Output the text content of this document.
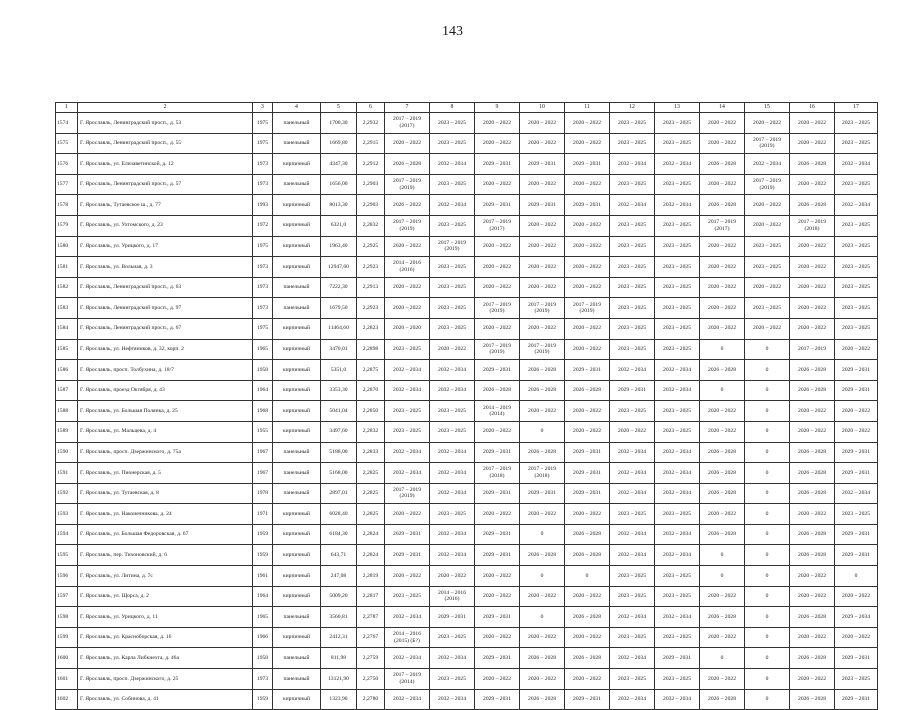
143
1	2	3	4	5	6	7	8	9	10	11	12	13	14	15	16	17
1574	Г. Ярославль, Ленинградский просп., д. 53	1975	панельный	1700,30	2,2932	2017 – 2019 (2017)	2023 – 2025	2020 – 2022	2020 – 2022	2020 – 2022	2023 – 2025	2023 – 2025	2020 – 2022	2020 – 2022	2020 – 2022	2023 – 2025
1575	Г. Ярославль, Ленинградский просп., д. 55	1975	панельный	1669,80	2,2915	2020 – 2022	2023 – 2025	2020 – 2022	2020 – 2022	2020 – 2022	2023 – 2025	2023 – 2025	2020 – 2022	2017 – 2019 (2019)	2020 – 2022	2023 – 2025
1576	Г. Ярославль, ул. Елизаветинской, д. 12	1973	кирпичный	4347,30	2,2912	2026 – 2028	2032 – 2034	2029 – 2031	2029 – 2031	2029 – 2031	2032 – 2034	2032 – 2034	2026 – 2028	2032 – 2034	2026 – 2028	2032 – 2034
1577	Г. Ярославль, Ленинградский просп., д. 57	1973	панельный	1656,00	2,2903	2017 – 2019 (2019)	2023 – 2025	2020 – 2022	2020 – 2022	2020 – 2022	2023 – 2025	2023 – 2025	2020 – 2022	2017 – 2019 (2019)	2020 – 2022	2023 – 2025
1578	Г. Ярославль, Тутаевское ш., д. 77	1993	кирпичный	8013,30	2,2903	2026 – 2022	2032 – 2034	2029 – 2031	2029 – 2031	2029 – 2031	2032 – 2034	2032 – 2034	2026 – 2028	2020 – 2022	2026 – 2028	2032 – 2034
1579	Г. Ярославль, ул. Ухтомского, д. 23	1972	кирпичный	6321,0	2,2832	2017 – 2019 (2019)	2023 – 2025	2017 – 2019 (2017)	2020 – 2022	2020 – 2022	2023 – 2025	2023 – 2025	2017 – 2019 (2017)	2020 – 2022	2017 – 2019 (2018)	2023 – 2025
1580	Г. Ярославль, ул. Урицкого, д. 17	1975	кирпичный	1963,40	2,2925	2020 – 2022	2017 – 2019 (2019)	2020 – 2022	2020 – 2022	2020 – 2022	2023 – 2025	2023 – 2025	2020 – 2022	2023 – 2025	2020 – 2022	2023 – 2025
1581	Г. Ярославль, ул. Вольная, д. 3	1973	кирпичный	12947,60	2,2923	2014 – 2016 (2016)	2023 – 2025	2020 – 2022	2020 – 2022	2020 – 2022	2023 – 2025	2023 – 2025	2020 – 2022	2023 – 2025	2020 – 2022	2023 – 2025
1582	Г. Ярославль, Ленинградский просп., д. 63	1973	панельный	7222,30	2,2913	2020 – 2022	2023 – 2025	2020 – 2022	2020 – 2022	2020 – 2022	2023 – 2025	2023 – 2025	2020 – 2022	2020 – 2022	2020 – 2022	2023 – 2025
1583	Г. Ярославль, Ленинградский просп., д. 97	1973	панельный	1679,50	2,2923	2020 – 2022	2023 – 2025	2017 – 2019 (2019)	2017 – 2019 (2019)	2017 – 2019 (2019)	2023 – 2025	2023 – 2025	2020 – 2022	2023 – 2025	2020 – 2022	2023 – 2025
1584	Г. Ярославль, Ленинградский просп., д. 67	1975	кирпичный	11464,60	2,2823	2020 – 2020	2023 – 2025	2020 – 2022	2020 – 2022	2020 – 2022	2023 – 2025	2023 – 2025	2020 – 2022	2020 – 2022	2020 – 2022	2023 – 2025
1585	Г. Ярославль, ул. Нефтяников, д. 32, корп. 2	1965	кирпичный	3470,01	2,2898	2023 – 2025	2020 – 2022	2017 – 2019 (2019)	2017 – 2019 (2019)	2020 – 2022	2023 – 2025	2023 – 2025	0	0	2017 – 2019	2020 – 2022
1586	Г. Ярославль, просп. Толбухина, д. 18/7	1958	кирпичный	5351,0	2,2875	2032 – 2034	2032 – 2034	2029 – 2031	2026 – 2028	2029 – 2031	2032 – 2034	2032 – 2034	2026 – 2028	0	2026 – 2028	2029 – 2031
1587	Г. Ярославль, проезд Октября, д. 43	1964	кирпичный	3353,30	2,2870	2032 – 2034	2032 – 2034	2026 – 2028	2026 – 2028	2026 – 2028	2029 – 2031	2032 – 2034	0	0	2026 – 2028	2029 – 2031
1588	Г. Ярославль, ул. Большая Полянка, д. 25	1968	кирпичный	5041,04	2,2850	2023 – 2025	2023 – 2025	2014 – 2019 (2014)	2020 – 2022	2020 – 2022	2023 – 2025	2023 – 2025	2020 – 2022	0	2020 – 2022	2020 – 2022
1589	Г. Ярославль, ул. Мальцева, д. 4	1955	кирпичный	3497,60	2,2832	2023 – 2025	2023 – 2025	2020 – 2022	0	2020 – 2022	2020 – 2022	2023 – 2025	2020 – 2022	0	2020 – 2022	2020 – 2022
1590	Г. Ярославль, просп. Дзержинского, д. 75а	1967	панельный	5188,00	2,2833	2032 – 2034	2032 – 2034	2029 – 2031	2026 – 2028	2029 – 2031	2032 – 2034	2032 – 2034	2026 – 2028	0	2026 – 2028	2029 – 2031
1591	Г. Ярославль, ул. Пионерская, д. 5	1967	панельный	5168,00	2,2825	2032 – 2034	2032 – 2034	2017 – 2019 (2018)	2017 – 2019 (2018)	2029 – 2031	2032 – 2034	2032 – 2034	2026 – 2028	0	2026 – 2028	2029 – 2031
1592	Г. Ярославль, ул. Тутаевская, д. 8	1978	панельный	2897,01	2,2825	2017 – 2019 (2019)	2032 – 2034	2029 – 2031	2029 – 2031	2029 – 2031	2032 – 2034	2032 – 2034	2026 – 2028	0	2026 – 2028	2032 – 2034
1593	Г. Ярославль, ул. Наконечникова, д. 24	1971	кирпичный	6028,40	2,2825	2020 – 2022	2023 – 2025	2020 – 2022	2020 – 2022	2020 – 2022	2023 – 2025	2023 – 2025	2020 – 2022	0	2020 – 2022	2023 – 2025
1594	Г. Ярославль, ул. Большая Федоровская, д. 67	1959	кирпичный	6184,30	2,2824	2029 – 2031	2032 – 2034	2029 – 2031	0	2026 – 2028	2032 – 2034	2032 – 2034	2026 – 2028	0	2026 – 2028	2029 – 2031
1595	Г. Ярославль, пер. Тихоновский, д. 6	1959	кирпичный	643,71	2,2824	2029 – 2031	2032 – 2034	2029 – 2031	2026 – 2028	2026 – 2028	2032 – 2034	2032 – 2034	0	0	2026 – 2028	2029 – 2031
1596	Г. Ярославль, ул. Литина, д. 7с	1961	кирпичный	247,08	2,2819	2020 – 2022	2020 – 2022	2020 – 2022	0	0	2023 – 2025	2023 – 2025	0	0	2020 – 2022	0
1597	Г. Ярославль, ул. Щорса, д. 2	1964	кирпичный	5009,20	2,2817	2023 – 2025	2014 – 2016 (2016)	2020 – 2022	2020 – 2022	2020 – 2022	2023 – 2025	2023 – 2025	2020 – 2022	0	2020 – 2022	2020 – 2022
1598	Г. Ярославль, ул. Урицкого, д. 11	1965	панельный	3560,81	2,2787	2032 – 2034	2029 – 2031	2029 – 2031	0	2026 – 2028	2032 – 2034	2032 – 2034	2026 – 2028	0	2026 – 2028	2029 – 2034
1599	Г. Ярославль, ул. Красноборская, д. 16	1966	кирпичный	2412,31	2,2767	2014 – 2016 (2015) (Б?)	2023 – 2025	2020 – 2022	2020 – 2022	2020 – 2022	2023 – 2025	2023 – 2025	2020 – 2022	0	2020 – 2022	2020 – 2022
1600	Г. Ярославль, ул. Карла Либкнехта, д. 46а	1958	панельный	811,98	2,2759	2032 – 2034	2032 – 2034	2029 – 2031	2026 – 2028	2026 – 2028	2032 – 2034	2029 – 2031	0	0	2026 – 2028	2029 – 2031
1601	Г. Ярославль, просп. Дзержинского, д. 25	1973	панельный	13121,90	2,2750	2017 – 2019 (2014)	2023 – 2025	2020 – 2022	2020 – 2022	2020 – 2022	2023 – 2025	2023 – 2025	2020 – 2022	0	2020 – 2022	2023 – 2025
1602	Г. Ярославль, ул. Собинова, д. 41	1959	кирпичный	1323,90	2,2780	2032 – 2034	2032 – 2034	2029 – 2031	2026 – 2028	2029 – 2031	2032 – 2034	2032 – 2034	2026 – 2028	0	2026 – 2028	2029 – 2031
